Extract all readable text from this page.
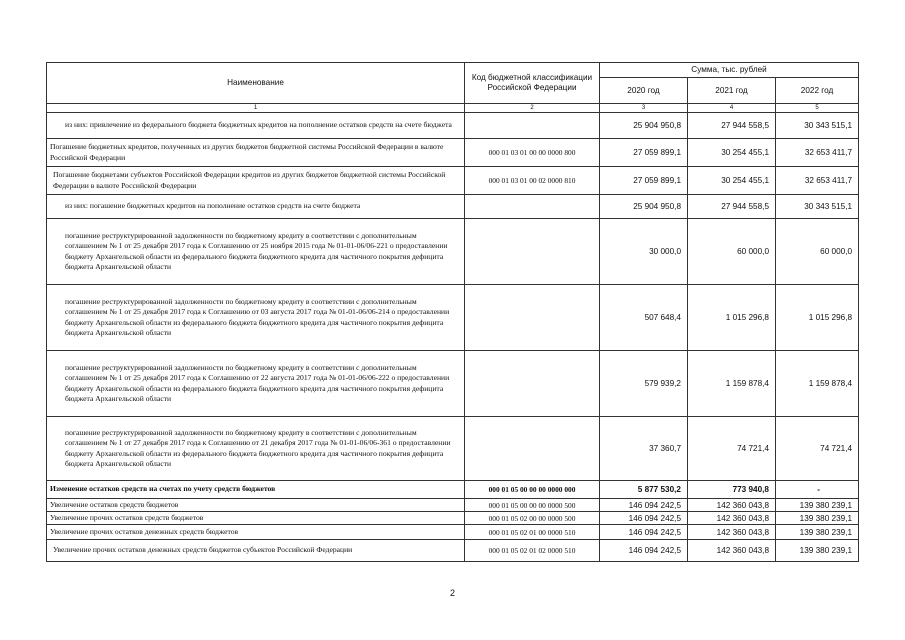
Наименование	Код бюджетной классификации Российской Федерации	Сумма, тыс. рублей		
		2020 год	2021 год	2022 год
1	2	3	4	5
из них: привлечение из федерального бюджета бюджетных кредитов на пополнение остатков средств на счете бюджета		25 904 950,8	27 944 558,5	30 343 515,1
Погашение бюджетных кредитов, полученных из других бюджетов бюджетной системы Российской Федерации в валюте Российской Федерации	000 01 03 01 00 00 0000 800	27 059 899,1	30 254 455,1	32 653 411,7
Погашение бюджетами субъектов Российской Федерации кредитов из других бюджетов бюджетной системы Российской Федерации в валюте Российской Федерации	000 01 03 01 00 02 0000 810	27 059 899,1	30 254 455,1	32 653 411,7
из них: погашение бюджетных кредитов на пополнение остатков средств на счете бюджета		25 904 950,8	27 944 558,5	30 343 515,1
погашение реструктурированной задолженности по бюджетному кредиту в соответствии с дополнительным соглашением № 1 от 25 декабря 2017 года к Соглашению от 25 ноября 2015 года № 01-01-06/06-221 о предоставлении бюджету Архангельской области из федерального бюджета бюджетного кредита для частичного покрытия дефицита бюджета Архангельской области		30 000,0	60 000,0	60 000,0
погашение реструктурированной задолженности по бюджетному кредиту в соответствии с дополнительным соглашением № 1 от 25 декабря 2017 года к Соглашению от 03 августа 2017 года № 01-01-06/06-214 о предоставлении бюджету Архангельской области из федерального бюджета бюджетного кредита для частичного покрытия дефицита бюджета Архангельской области		507 648,4	1 015 296,8	1 015 296,8
погашение реструктурированной задолженности по бюджетному кредиту в соответствии с дополнительным соглашением № 1 от 25 декабря 2017 года к Соглашению от 22 августа 2017 года № 01-01-06/06-222 о предоставлении бюджету Архангельской области из федерального бюджета бюджетного кредита для частичного покрытия дефицита бюджета Архангельской области		579 939,2	1 159 878,4	1 159 878,4
погашение реструктурированной задолженности по бюджетному кредиту в соответствии с дополнительным соглашением № 1 от 27 декабря 2017 года к Соглашению от 21 декабря 2017 года № 01-01-06/06-361 о предоставлении бюджету Архангельской области из федерального бюджета бюджетного кредита для частичного покрытия дефицита бюджета Архангельской области		37 360,7	74 721,4	74 721,4
Изменение остатков средств на счетах по учету средств бюджетов	000 01 05 00 00 00 0000 000	5 877 530,2	773 940,8	-
Увеличение остатков средств бюджетов	000 01 05 00 00 00 0000 500	146 094 242,5	142 360 043,8	139 380 239,1
Увеличение прочих остатков средств бюджетов	000 01 05 02 00 00 0000 500	146 094 242,5	142 360 043,8	139 380 239,1
Увеличение прочих остатков денежных средств бюджетов	000 01 05 02 01 00 0000 510	146 094 242,5	142 360 043,8	139 380 239,1
Увеличение прочих остатков денежных средств бюджетов субъектов Российской Федерации	000 01 05 02 01 02 0000 510	146 094 242,5	142 360 043,8	139 380 239,1
2
